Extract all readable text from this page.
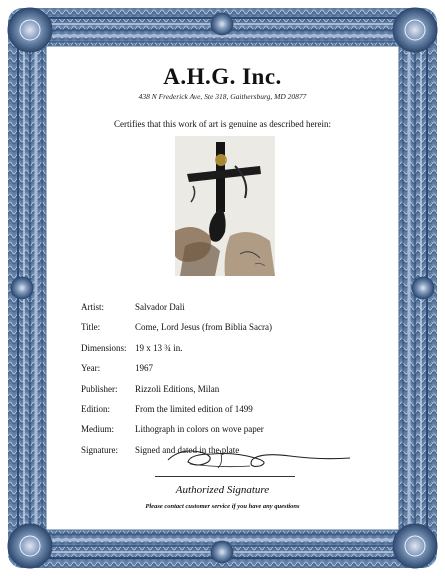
A.H.G. Inc.
438 N Frederick Ave, Ste 318, Gaithersburg, MD 20877
Certifies that this work of art is genuine as described herein:
Artist:	Salvador Dali
Title:	Come, Lord Jesus (from Biblia Sacra)
Dimensions: 19 x 13 ¾ in.
Year:	1967
Publisher: Rizzoli Editions, Milan
Edition:	From the limited edition of 1499
Medium: Lithograph in colors on wove paper
Signature: Signed and dated in the plate
Authorized Signature
Please contact customer service if you have any questions
